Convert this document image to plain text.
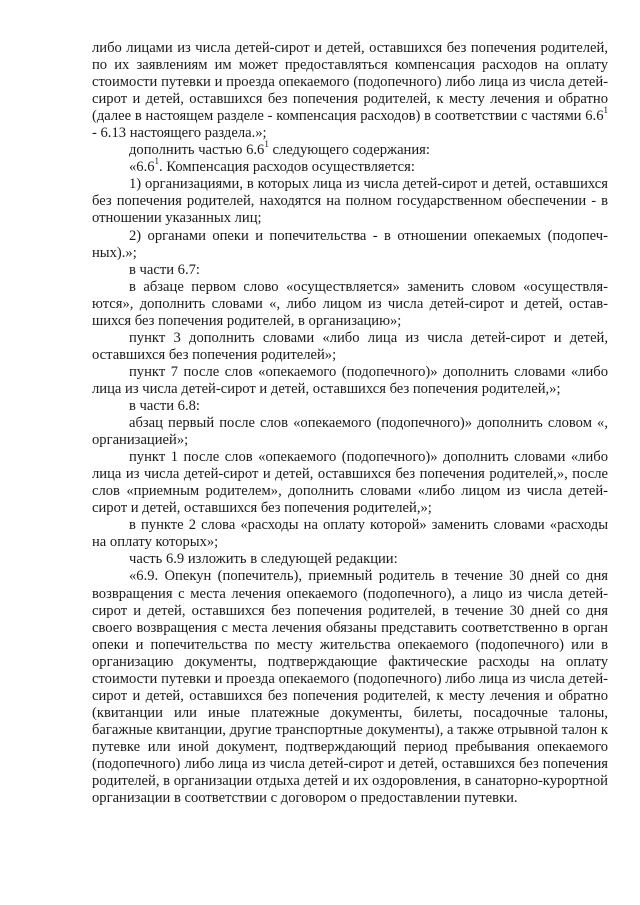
либо лицами из числа детей-сирот и детей, оставшихся без попечения родителей, по их заявлениям им может предоставляться компенсация расходов на оплату стоимости путевки и проезда опекаемого (подопечного) либо лица из числа детей-сирот и детей, оставшихся без попечения родителей, к месту лечения и обратно (далее в настоящем разделе - компенсация расходов) в соответствии с частями $6.6^1 - 6.13$ настоящего раздела.»;

дополнить частью $6.6^1$ следующего содержания:

«$6.6^1$. Компенсация расходов осуществляется:

1) организациями, в которых лица из числа детей-сирот и детей, оставшихся без попечения родителей, находятся на полном государственном обеспечении - в отношении указанных лиц;

2) органами опеки и попечительства - в отношении опекаемых (подопечных).»;

в части 6.7:

в абзаце первом слово «осуществляется» заменить словом «осуществляются», дополнить словами «, либо лицом из числа детей-сирот и детей, оставшихся без попечения родителей, в организацию»;

пункт 3 дополнить словами «либо лица из числа детей-сирот и детей, оставшихся без попечения родителей»;

пункт 7 после слов «опекаемого (подопечного)» дополнить словами «либо лица из числа детей-сирот и детей, оставшихся без попечения родителей,»;

в части 6.8:

абзац первый после слов «опекаемого (подопечного)» дополнить словом «, организацией»;

пункт 1 после слов «опекаемого (подопечного)» дополнить словами «либо лица из числа детей-сирот и детей, оставшихся без попечения родителей,», после слов «приемным родителем», дополнить словами «либо лицом из числа детей-сирот и детей, оставшихся без попечения родителей,»;

в пункте 2 слова «расходы на оплату которой» заменить словами «расходы на оплату которых»;

часть 6.9 изложить в следующей редакции:

«6.9. Опекун (попечитель), приемный родитель в течение 30 дней со дня возвращения с места лечения опекаемого (подопечного), а лицо из числа детей-сирот и детей, оставшихся без попечения родителей, в течение 30 дней со дня своего возвращения с места лечения обязаны представить соответственно в орган опеки и попечительства по месту жительства опекаемого (подопечного) или в организацию документы, подтверждающие фактические расходы на оплату стоимости путевки и проезда опекаемого (подопечного) либо лица из числа детей-сирот и детей, оставшихся без попечения родителей, к месту лечения и обратно (квитанции или иные платежные документы, билеты, посадочные талоны, багажные квитанции, другие транспортные документы), а также отрывной талон к путевке или иной документ, подтверждающий период пребывания опекаемого (подопечного) либо лица из числа детей-сирот и детей, оставшихся без попечения родителей, в организации отдыха детей и их оздоровления, в санаторно-курортной организации в соответствии с договором о предоставлении путевки.
